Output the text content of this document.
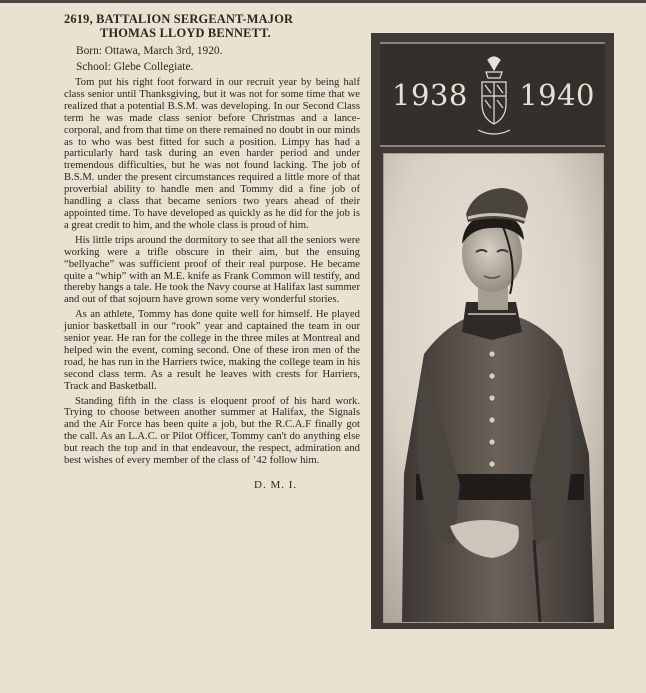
2619, BATTALION SERGEANT-MAJOR
THOMAS LLOYD BENNETT.
Born: Ottawa, March 3rd, 1920.
School: Glebe Collegiate.

Tom put his right foot forward in our recruit year by being half class senior until Thanksgiving, but it was not for some time that we realized that a potential B.S.M. was developing. In our Second Class term he was made class senior before Christmas and a lance-corporal, and from that time on there remained no doubt in our minds as to who was best fitted for such a position. Limpy has had a particularly hard task during an even harder period and under tremendous difficulties, but he was not found lacking. The job of B.S.M. under the present circumstances required a little more of that proverbial ability to handle men and Tommy did a fine job of handling a class that became seniors two years ahead of their appointed time. To have developed as quickly as he did for the job is a great credit to him, and the whole class is proud of him.

His little trips around the dormitory to see that all the seniors were working were a trifle obscure in their aim, but the ensuing “bellyache” was sufficient proof of their real purpose. He became quite a “whip” with an M.E. knife as Frank Common will testify, and thereby hangs a tale. He took the Navy course at Halifax last summer and out of that sojourn have grown some very wonderful stories.

As an athlete, Tommy has done quite well for himself. He played junior basketball in our “rook” year and captained the team in our senior year. He ran for the college in the three miles at Montreal and helped win the event, coming second. One of these iron men of the road, he has run in the Harriers twice, making the college team in his second class term. As a result he leaves with crests for Harriers, Track and Basketball.

Standing fifth in the class is eloquent proof of his hard work. Trying to choose between another summer at Halifax, the Signals and the Air Force has been quite a job, but the R.C.A.F finally got the call. As an L.A.C. or Pilot Officer, Tommy can't do anything else but reach the top and in that endeavour, the respect, admiration and best wishes of every member of the class of ’42 follow him.

D. M. I.
1938 1940
